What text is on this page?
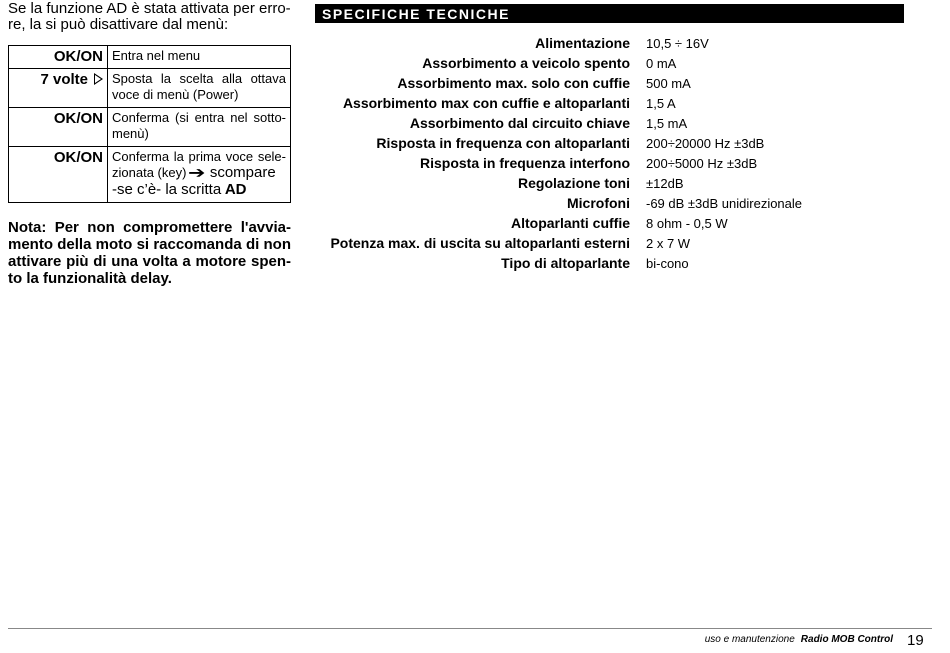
Se la funzione AD è stata attivata per erro-re, la si può disattivare dal menù:
OK/ON	Entra nel menu
7 volte	Sposta la scelta alla ottava voce di menù (Power)
OK/ON	Conferma (si entra nel sotto-menù)
OK/ON	Conferma la prima voce sele-zionata (key) ➔ scompare
-se c’è- la scritta AD
Nota: Per non compromettere l'avvia-mento della moto si raccomanda di non attivare più di una volta a motore spen-to la funzionalità delay.
SPECIFICHE TECNICHE
Alimentazione 10,5 ÷ 16V
Assorbimento a veicolo spento 0 mA
Assorbimento max. solo con cuffie 500 mA
Assorbimento max con cuffie e altoparlanti 1,5 A
Assorbimento dal circuito chiave 1,5 mA
Risposta in frequenza con altoparlanti 200÷20000 Hz ±3dB
Risposta in frequenza interfono 200÷5000 Hz ±3dB
Regolazione toni ±12dB
Microfoni -69 dB ±3dB unidirezionale
Altoparlanti cuffie 8 ohm - 0,5 W
Potenza max. di uscita su altoparlanti esterni 2 x 7 W
Tipo di altoparlante bi-cono
uso e manutenzione Radio MOB Control 19
